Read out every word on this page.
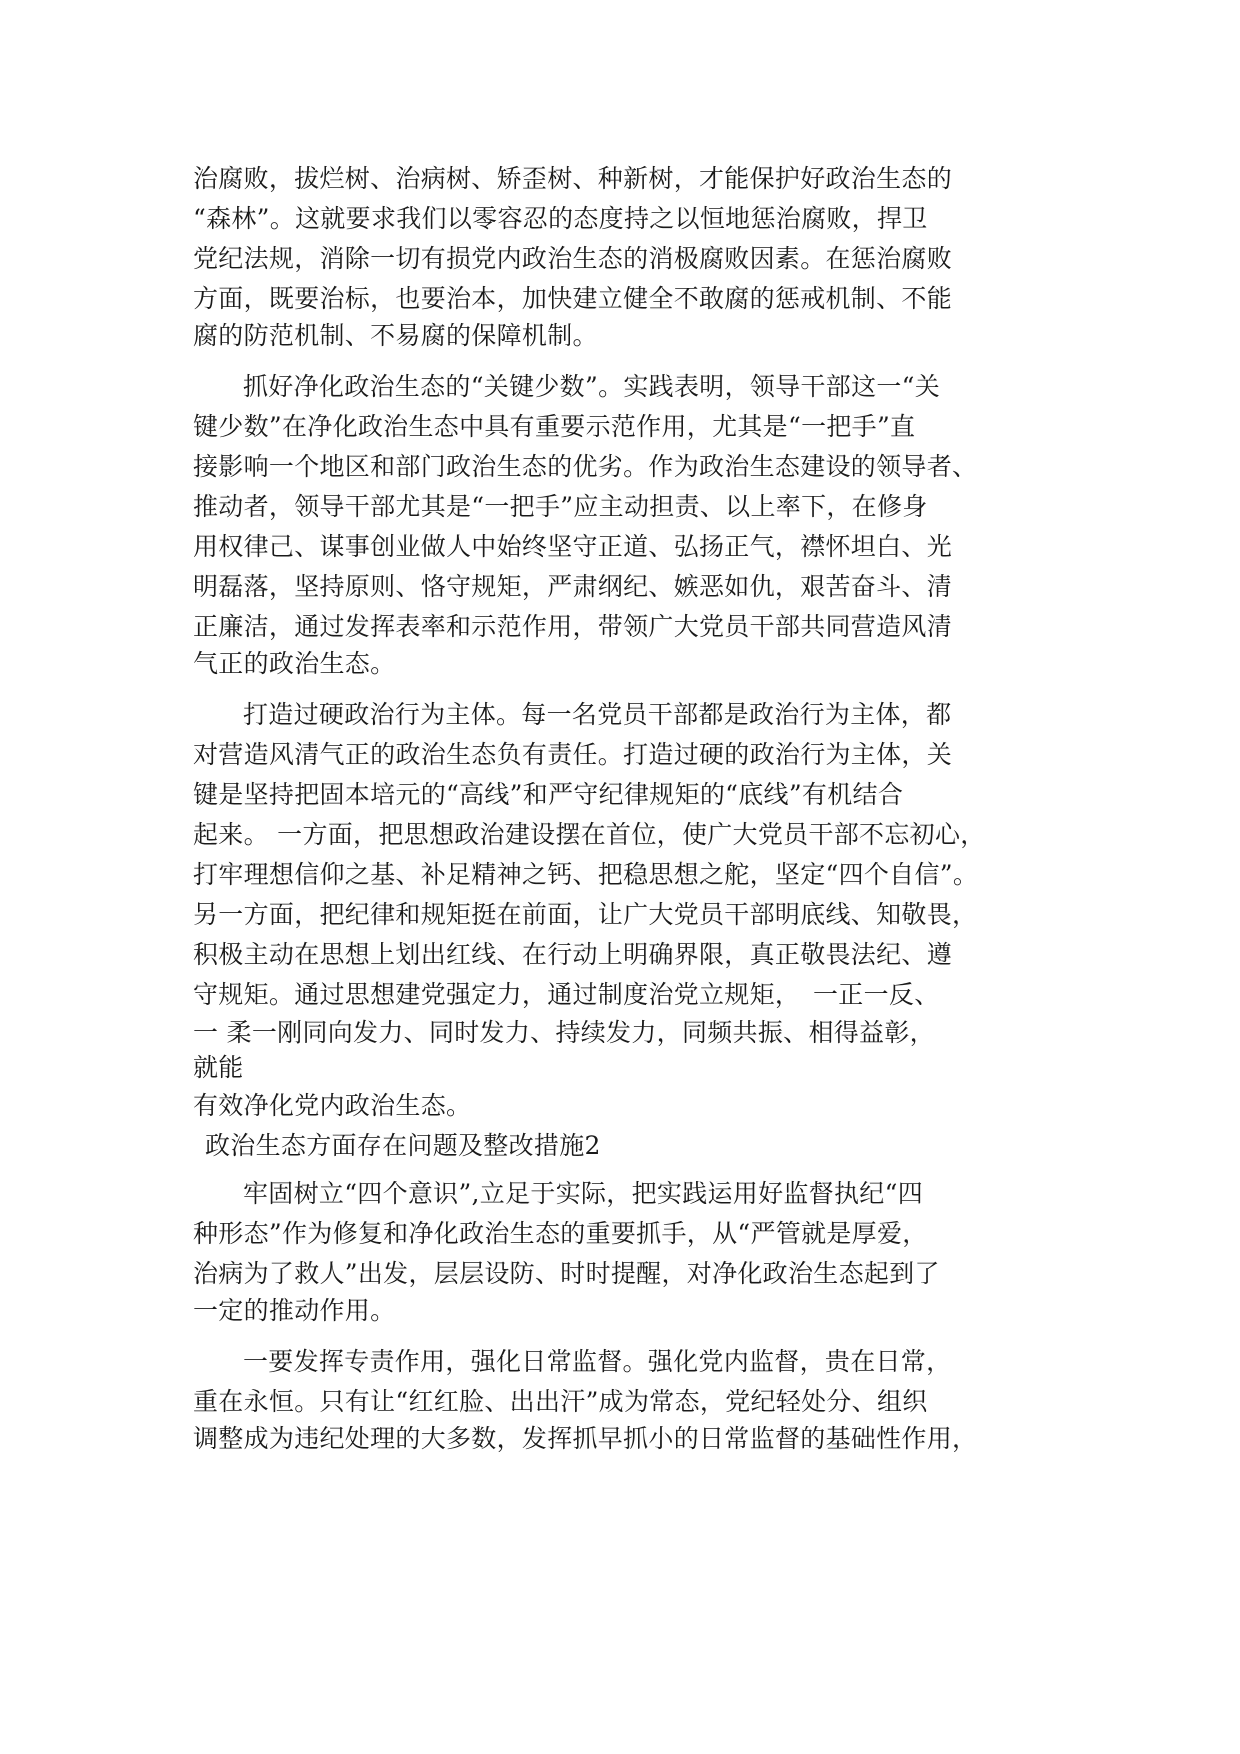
治腐败，拔烂树、治病树、矫歪树、种新树，才能保护好政治生态的
“森林”。这就要求我们以零容忍的态度持之以恒地惩治腐败，捍卫
党纪法规，消除一切有损党内政治生态的消极腐败因素。在惩治腐败
方面，既要治标，也要治本，加快建立健全不敢腐的惩戒机制、不能
腐的防范机制、不易腐的保障机制。
抓好净化政治生态的“关键少数”。实践表明，领导干部这一“关
键少数”在净化政治生态中具有重要示范作用，尤其是“一把手”直
接影响一个地区和部门政治生态的优劣。作为政治生态建设的领导者、
推动者，领导干部尤其是“一把手”应主动担责、以上率下，在修身
用权律己、谋事创业做人中始终坚守正道、弘扬正气，襟怀坦白、光
明磊落，坚持原则、恪守规矩，严肃纲纪、嫉恶如仇，艰苦奋斗、清
正廉洁，通过发挥表率和示范作用，带领广大党员干部共同营造风清
气正的政治生态。
打造过硬政治行为主体。每一名党员干部都是政治行为主体，都
对营造风清气正的政治生态负有责任。打造过硬的政治行为主体，关
键是坚持把固本培元的“高线”和严守纪律规矩的“底线”有机结合
起来。 一方面，把思想政治建设摆在首位，使广大党员干部不忘初心，
打牢理想信仰之基、补足精神之钙、把稳思想之舵，坚定“四个自信”。
另一方面，把纪律和规矩挺在前面，让广大党员干部明底线、知敬畏，
积极主动在思想上划出红线、在行动上明确界限，真正敬畏法纪、遵
守规矩。通过思想建党强定力，通过制度治党立规矩，　一正一反、
一 柔一刚同向发力、同时发力、持续发力，同频共振、相得益彰，
就能
有效净化党内政治生态。
政治生态方面存在问题及整改措施2
牢固树立“四个意识”,立足于实际，把实践运用好监督执纪“四
种形态”作为修复和净化政治生态的重要抓手，从“严管就是厚爱，
治病为了救人”出发，层层设防、时时提醒，对净化政治生态起到了
一定的推动作用。
一要发挥专责作用，强化日常监督。强化党内监督，贵在日常，
重在永恒。只有让“红红脸、出出汗”成为常态，党纪轻处分、组织
调整成为违纪处理的大多数，发挥抓早抓小的日常监督的基础性作用，
